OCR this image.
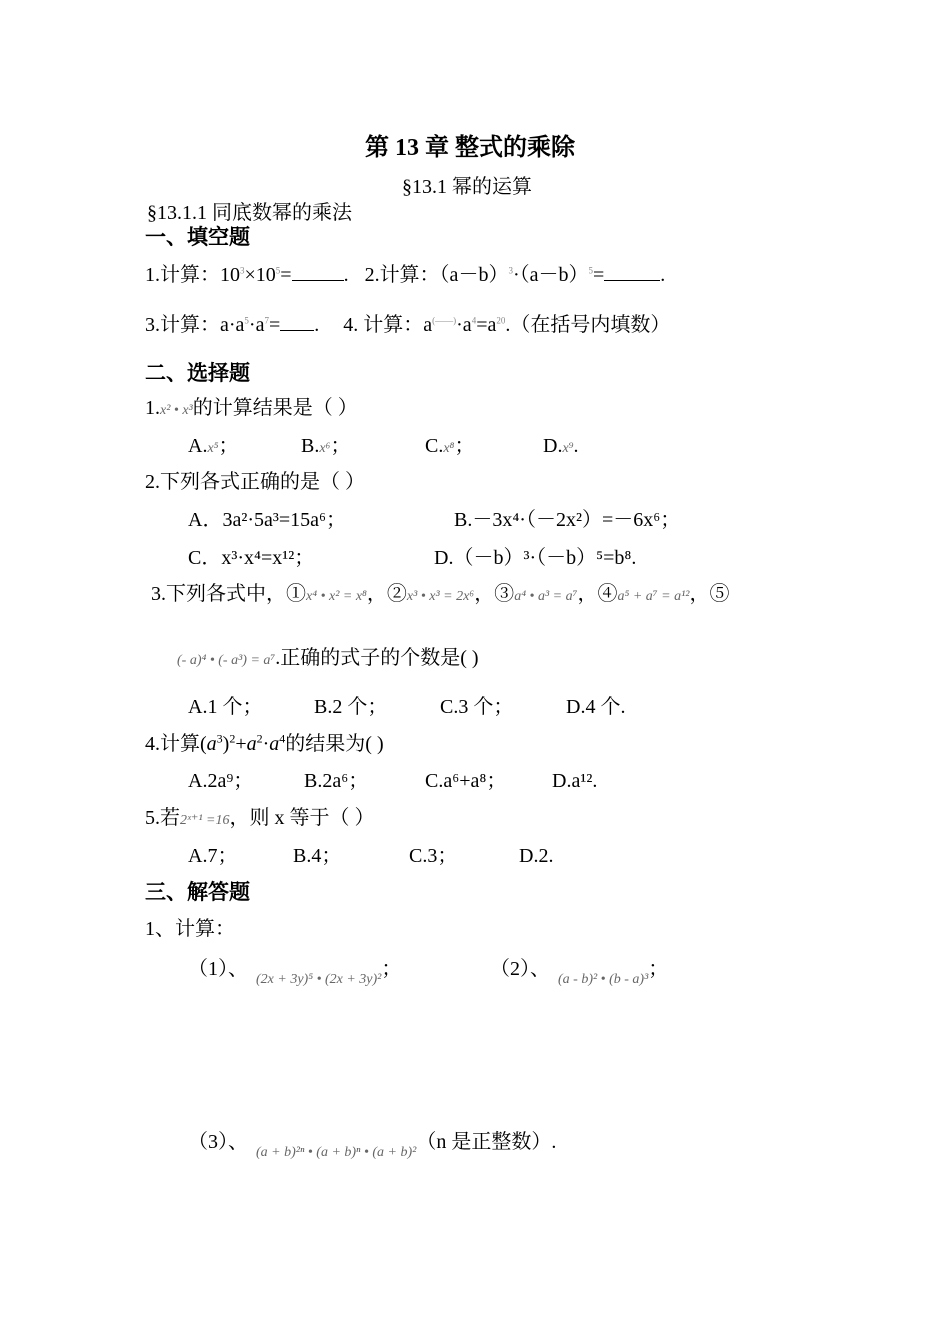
第 13 章 整式的乘除
§13.1 幂的运算
§13.1.1 同底数幂的乘法
一、填空题
1.计算：$10^3\times 10^5=$	. 2.计算：$(a-b)^3\cdot(a-b)^5=$	.
3.计算：$a\cdot a^5\cdot a^7=$ . 4. 计算：$a^{(——)}\cdot a^4=a^{20}$.（在括号内填数）
二、选择题
1.x² • x³的计算结果是（ ）
A.x⁵；	B.x⁶；	C.x⁸；	D.x⁹.
2.下列各式正确的是（ ）
A．3a²·5a³=15a⁶；	B.－3x⁴·（－2x²）=－6x⁶；
C．x³·x⁴=x¹²；	D.（－b）³·（－b）⁵=b⁸.
3.下列各式中，①x⁴ • x² = x⁸，②x³ • x³ = 2x⁶，③a⁴ • a³ = a⁷，④a⁵ + a⁷ = a¹²，⑤
(- a)⁴ • (- a³) = a⁷.正确的式子的个数是( )
A.1 个；	B.2 个；	C.3 个；	D.4 个.
4.计算$(a^3)^2+a^2\cdot a^4$的结果为( )
A.2a⁹；	B.2a⁶；	C.a⁶+a⁸； D.a¹².
5.若2ˣ⁺¹ =16，则 x 等于（ ）
A.7；	B.4；	C.3；	D.2.
三、解答题
1、计算：
（1）、 $_{(2x + 3y)^5 • (2x + 3y)^2}$；	（2）、 $_{(a - b)^2 • (b - a)^3}$；
（3）、 $_{(a + b)^{2n} • (a + b)^n • (a + b)^2}$（n 是正整数）.
